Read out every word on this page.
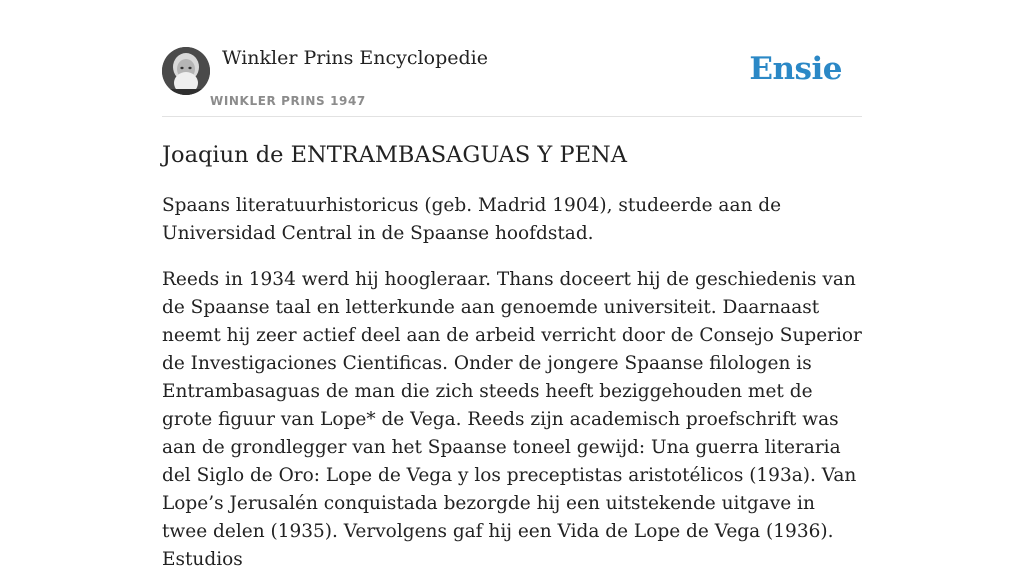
Winkler Prins Encyclopedie
WINKLER PRINS 1947
Ensie
Joaqiun de ENTRAMBASAGUAS Y PENA

Spaans literatuurhistoricus (geb. Madrid 1904), studeerde aan de Universidad Central in de Spaanse hoofdstad.

Reeds in 1934 werd hij hoogleraar. Thans doceert hij de geschiedenis van de Spaanse taal en letterkunde aan genoemde universiteit. Daarnaast neemt hij zeer actief deel aan de arbeid verricht door de Consejo Superior de Investigaciones Cientificas. Onder de jongere Spaanse filologen is Entrambasaguas de man die zich steeds heeft beziggehouden met de grote figuur van Lope* de Vega. Reeds zijn academisch proefschrift was aan de grondlegger van het Spaanse toneel gewijd: Una guerra literaria del Siglo de Oro: Lope de Vega y los preceptistas aristotélicos (193a). Van Lope’s Jerusalén conquistada bezorgde hij een uitstekende uitgave in twee delen (1935). Vervolgens gaf hij een Vida de Lope de Vega (1936). Estudios
